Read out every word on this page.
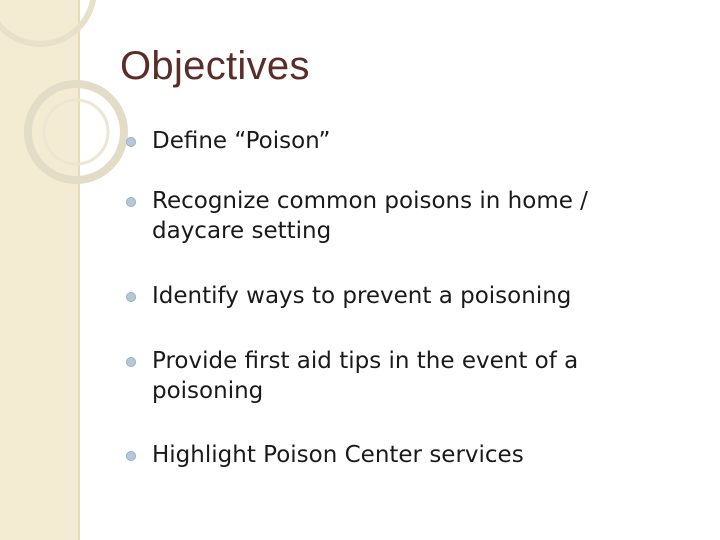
Objectives
Define “Poison”
Recognize common poisons in home / daycare setting
Identify ways to prevent a poisoning
Provide first aid tips in the event of a poisoning
Highlight Poison Center services
